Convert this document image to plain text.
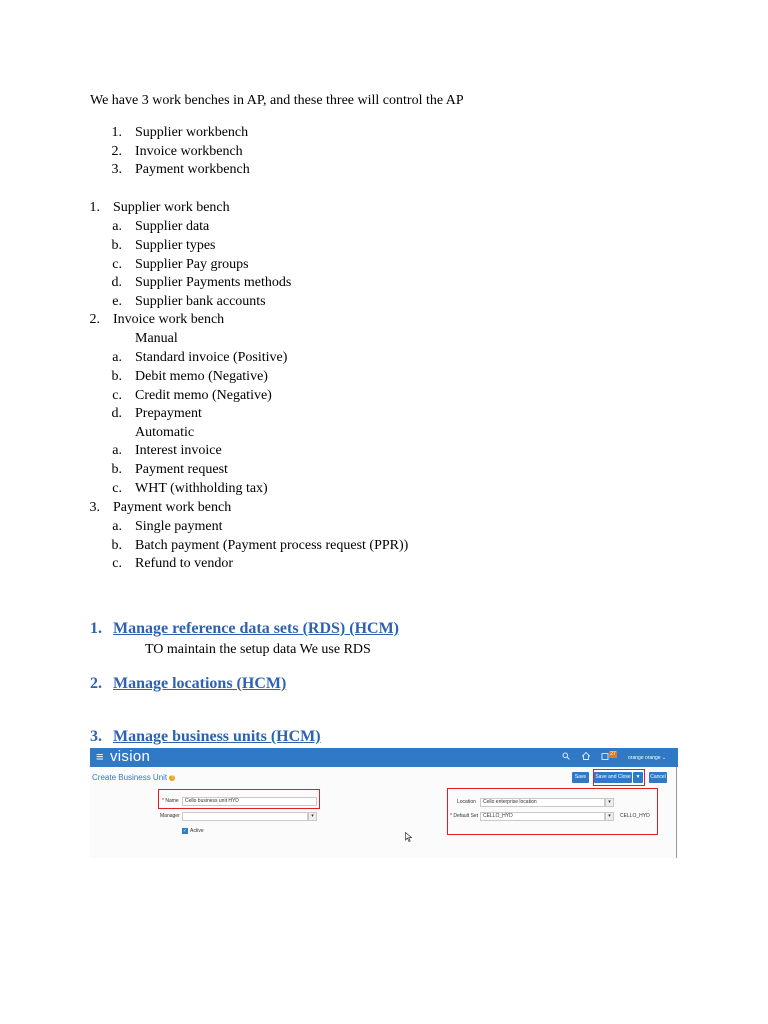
We have 3 work benches in AP, and these three will control the AP
1. Supplier workbench
2. Invoice workbench
3. Payment workbench
1. Supplier work bench
a. Supplier data
b. Supplier types
c. Supplier Pay groups
d. Supplier Payments methods
e. Supplier bank accounts
2. Invoice work bench
Manual
a. Standard invoice (Positive)
b. Debit memo (Negative)
c. Credit memo (Negative)
d. Prepayment
Automatic
a. Interest invoice
b. Payment request
c. WHT (withholding tax)
3. Payment work bench
a. Single payment
b. Batch payment (Payment process request (PPR))
c. Refund to vendor
1. Manage reference data sets (RDS) (HCM)
TO maintain the setup data We use RDS
2. Manage locations (HCM)
3. Manage business units (HCM)
≡ vision	27
orange orange ⌄
Create Business Unit ?	Save	Save and Close ▼	Cancel
* Name	Cello business unit HYD
Manager	▾
✓ Active
Location	Cello enterprise location	▾
* Default Set CELLO_HYD	▾	CELLO_HYD
